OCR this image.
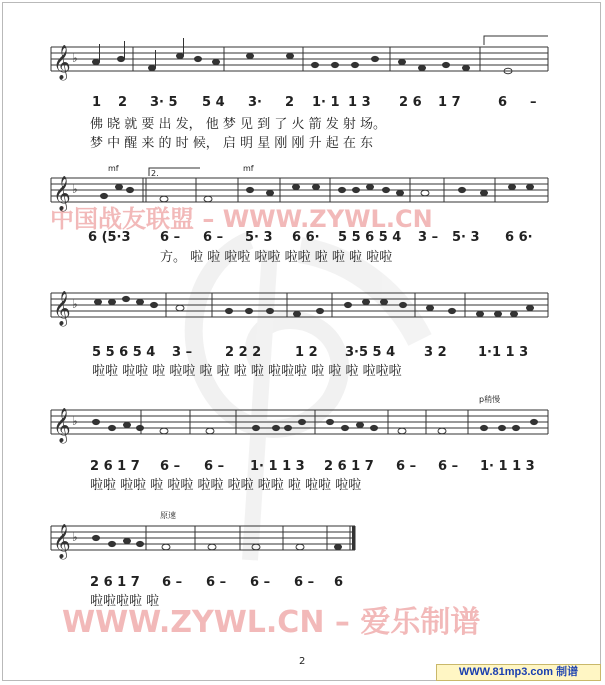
中国战友联盟 – WWW.ZYWL.CN
WWW.ZYWL.CN – 爱乐制谱
𝄞 ♭
1 2 3· 5 5 4 3· 2 1· 1 1 3 2 6 1 7	6 –
佛 晓 就 要 出 发， 他 梦 见 到 了 火 箭 发 射 场。
梦 中 醒 来 的 时 候， 启 明 星 刚 刚 升 起 在 东
𝄞 ♭
mf	mf
2.
6 (5·3 6 – 6 – 5· 3 6 6· 5 5 6 5 4 3 – 5· 3 6 6·
方。 啦 啦 啦啦 啦啦 啦啦 啦 啦 啦 啦啦
𝄞 ♭
5 5 6 5 4 3 –	2 2 2	1 2 3·5 5 4 3 2 1·1 1 3
啦啦 啦啦 啦 啦啦 啦 啦 啦 啦 啦啦啦 啦 啦 啦 啦啦啦
𝄞 ♭
p稍慢
2 6 1 7 6 – 6 – 1· 1 1 3 2 6 1 7 6 – 6 – 1· 1 1 3
啦啦 啦啦 啦 啦啦 啦啦 啦啦 啦啦 啦 啦啦 啦啦
𝄞 ♭
原速
2 6 1 7 6 – 6 – 6 – 6 – 6
啦啦啦啦 啦
2
WWW.81mp3.com 制谱
